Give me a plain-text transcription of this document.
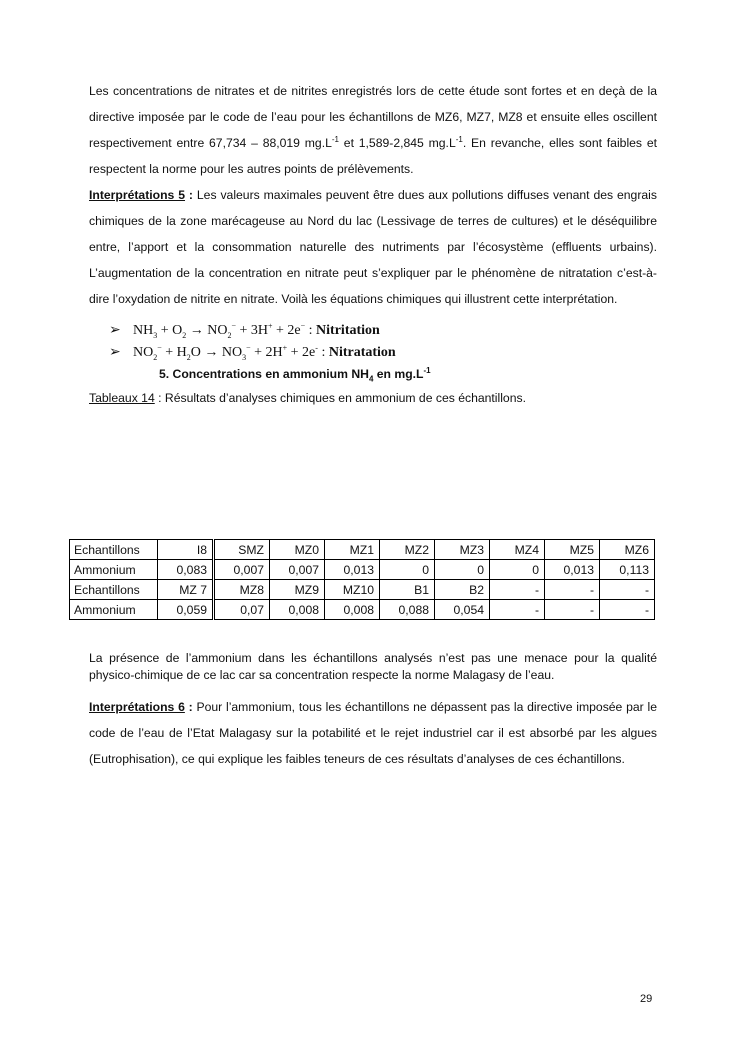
Les concentrations de nitrates et de nitrites enregistrés lors de cette étude sont fortes et en deçà de la directive imposée par le code de l’eau pour les échantillons de MZ6, MZ7, MZ8 et ensuite elles oscillent respectivement entre 67,734 – 88,019 $mg.L^{-1}$ et 1,589-2,845 $mg.L^{-1}$. En revanche, elles sont faibles et respectent la norme pour les autres points de prélèvements.

Interprétations 5 : Les valeurs maximales peuvent être dues aux pollutions diffuses venant des engrais chimiques de la zone marécageuse au Nord du lac (Lessivage de terres de cultures) et le déséquilibre entre, l’apport et la consommation naturelle des nutriments par l’écosystème (effluents urbains). L’augmentation de la concentration en nitrate peut s’expliquer par le phénomène de nitratation c’est-à-dire l’oxydation de nitrite en nitrate. Voilà les équations chimiques qui illustrent cette interprétation.

➢ $NH_3 + O_2 \to NO_2^- + 3H^+ + 2e^-$ : Nitritation

➢ $NO_2^- + H_2O \to NO_3^- + 2H^+ + 2e^-$ : Nitratation

5. Concentrations en ammonium $NH_4$ en $mg.L^{-1}$

Tableaux 14 : Résultats d’analyses chimiques en ammonium de ces échantillons.

Echantillons	I8	SMZ	MZ0	MZ1	MZ2	MZ3	MZ4	MZ5	MZ6
Ammonium	0,083	0,007	0,007	0,013	0	0	0	0,013	0,113
Echantillons	MZ 7	MZ8	MZ9	MZ10	B1	B2	-	-	-
Ammonium	0,059	0,07	0,008	0,008	0,088	0,054	-	-	-

La présence de l’ammonium dans les échantillons analysés n’est pas une menace pour la qualité physico-chimique de ce lac car sa concentration respecte la norme Malagasy de l’eau.

Interprétations 6 : Pour l’ammonium, tous les échantillons ne dépassent pas la directive imposée par le code de l’eau de l’Etat Malagasy sur la potabilité et le rejet industriel car il est absorbé par les algues (Eutrophisation), ce qui explique les faibles teneurs de ces résultats d’analyses de ces échantillons.

29
